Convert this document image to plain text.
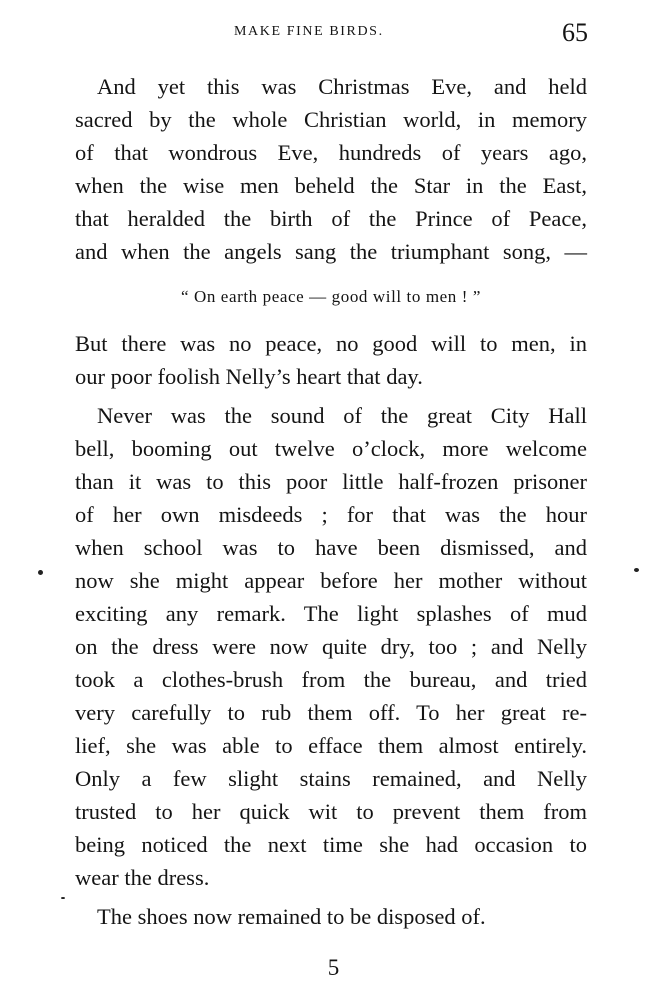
MAKE FINE BIRDS.	65
And yet this was Christmas Eve, and held
sacred by the whole Christian world, in memory
of that wondrous Eve, hundreds of years ago,
when the wise men beheld the Star in the East,
that heralded the birth of the Prince of Peace,
and when the angels sang the triumphant song, —
“ On earth peace — good will to men ! ”
But there was no peace, no good will to men, in
our poor foolish Nelly’s heart that day.
Never was the sound of the great City Hall
bell, booming out twelve o’clock, more welcome
than it was to this poor little half-frozen prisoner
of her own misdeeds ; for that was the hour
when school was to have been dismissed, and
now she might appear before her mother without
exciting any remark. The light splashes of mud
on the dress were now quite dry, too ; and Nelly
took a clothes-brush from the bureau, and tried
very carefully to rub them off. To her great re-
lief, she was able to efface them almost entirely.
Only a few slight stains remained, and Nelly
trusted to her quick wit to prevent them from
being noticed the next time she had occasion to
wear the dress.
The shoes now remained to be disposed of.
5
